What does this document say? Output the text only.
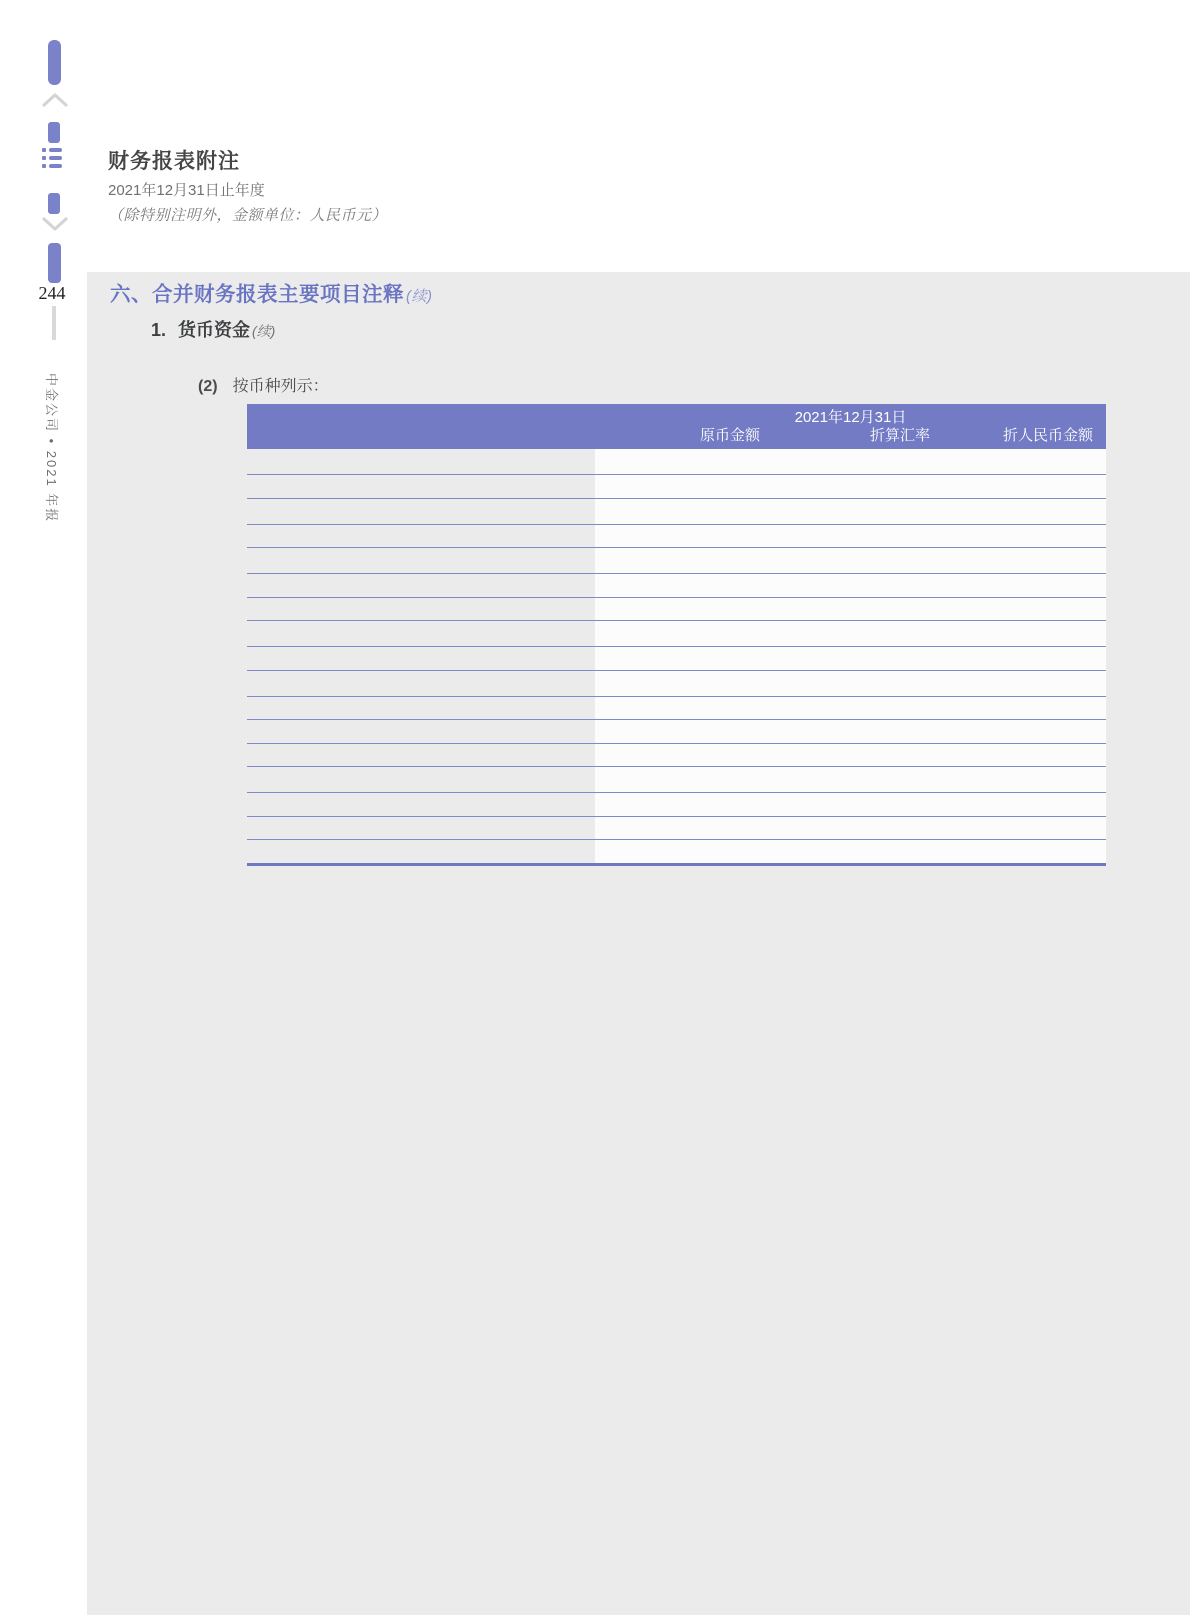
244
中金公司 • 2021 年报
财务报表附注
2021年12月31日止年度
（除特别注明外，金额单位：人民币元）
六、合并财务报表主要项目注释 (续)
1. 货币资金 (续)
(2) 按币种列示：
2021年12月31日
原币金额	折算汇率	折人民币金额
